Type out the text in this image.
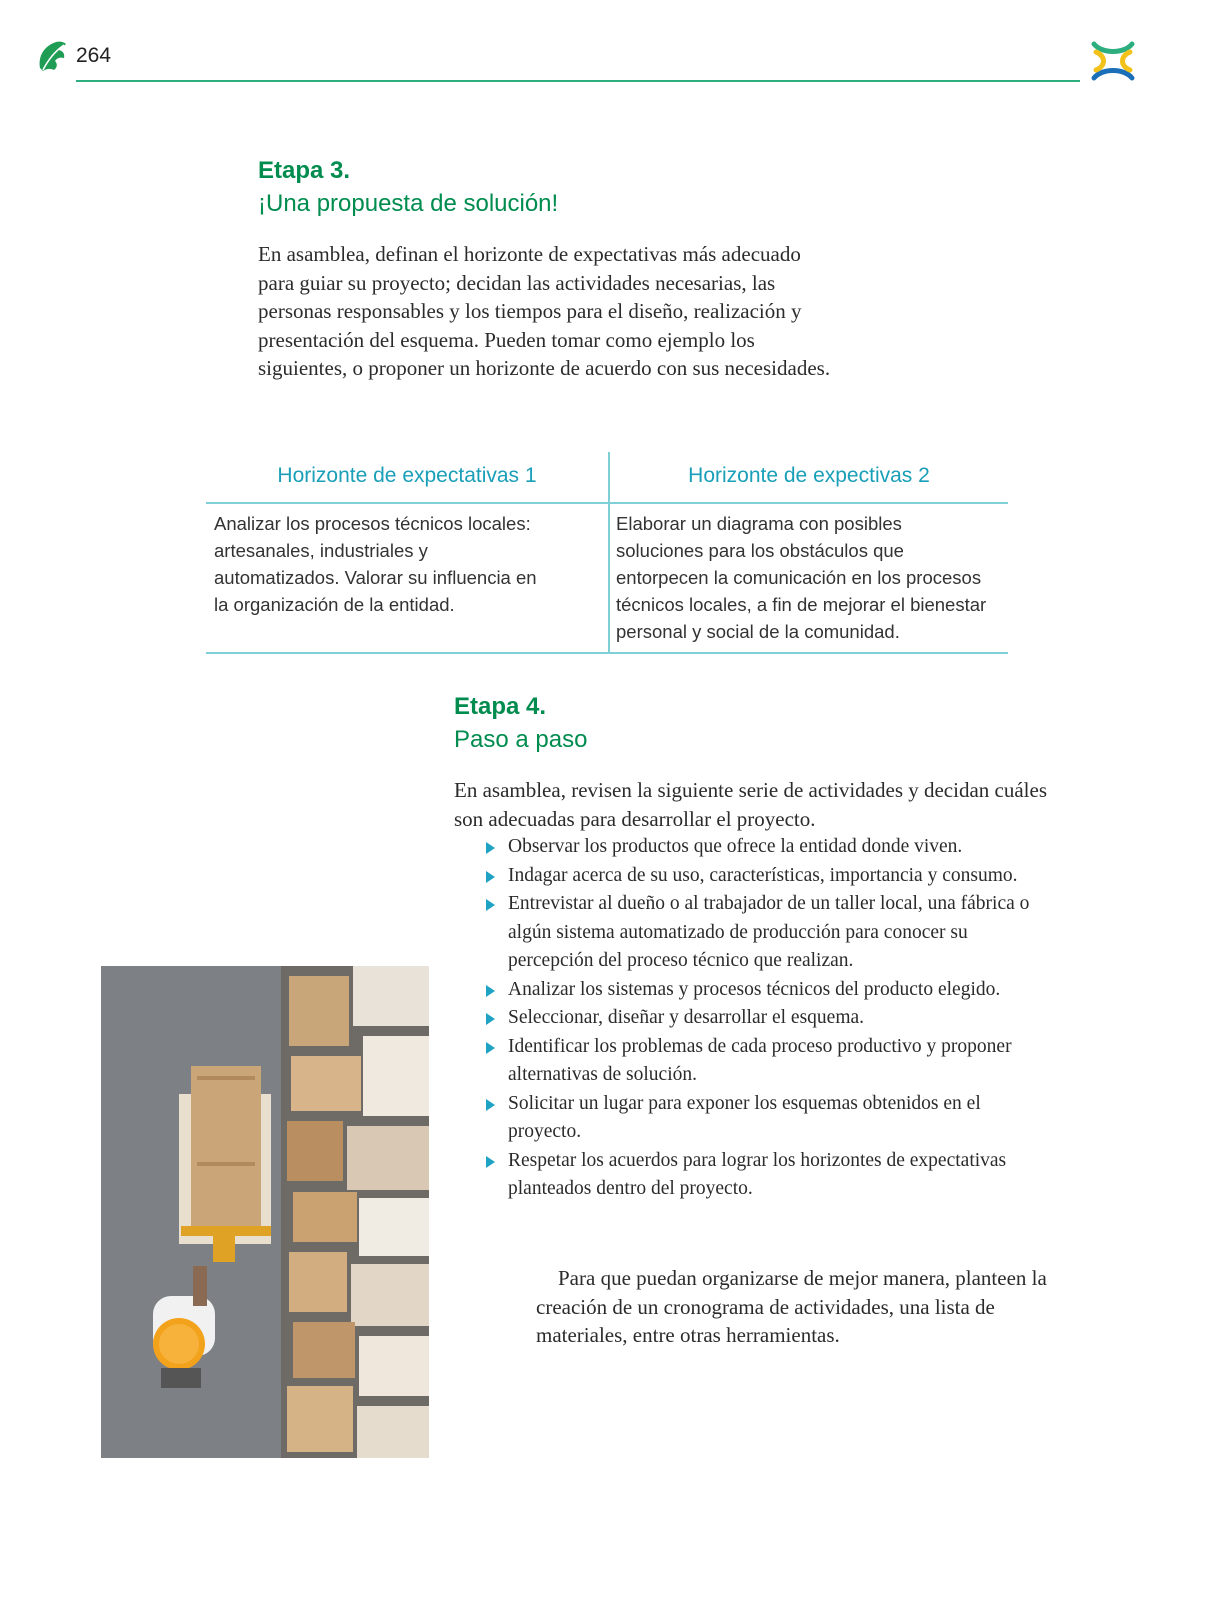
264
Etapa 3.
¡Una propuesta de solución!
En asamblea, definan el horizonte de expectativas más adecuado para guiar su proyecto; decidan las actividades necesarias, las personas responsables y los tiempos para el diseño, realización y presentación del esquema. Pueden tomar como ejemplo los siguientes, o proponer un horizonte de acuerdo con sus necesidades.
Horizonte de expectativas 1	Horizonte de expectivas 2
Analizar los procesos técnicos locales: artesanales, industriales y automatizados. Valorar su influencia en la organización de la entidad.
Elaborar un diagrama con posibles soluciones para los obstáculos que entorpecen la comunicación en los procesos técnicos locales, a fin de mejorar el bienestar personal y social de la comunidad.
Etapa 4.
Paso a paso
En asamblea, revisen la siguiente serie de actividades y decidan cuáles son adecuadas para desarrollar el proyecto.
Observar los productos que ofrece la entidad donde viven.
Indagar acerca de su uso, características, importancia y consumo.
Entrevistar al dueño o al trabajador de un taller local, una fábrica o algún sistema automatizado de producción para conocer su percepción del proceso técnico que realizan.
Analizar los sistemas y procesos técnicos del producto elegido.
Seleccionar, diseñar y desarrollar el esquema.
Identificar los problemas de cada proceso productivo y proponer alternativas de solución.
Solicitar un lugar para exponer los esquemas obtenidos en el proyecto.
Respetar los acuerdos para lograr los horizontes de expectativas planteados dentro del proyecto.
Para que puedan organizarse de mejor manera, planteen la creación de un cronograma de actividades, una lista de materiales, entre otras herramientas.
